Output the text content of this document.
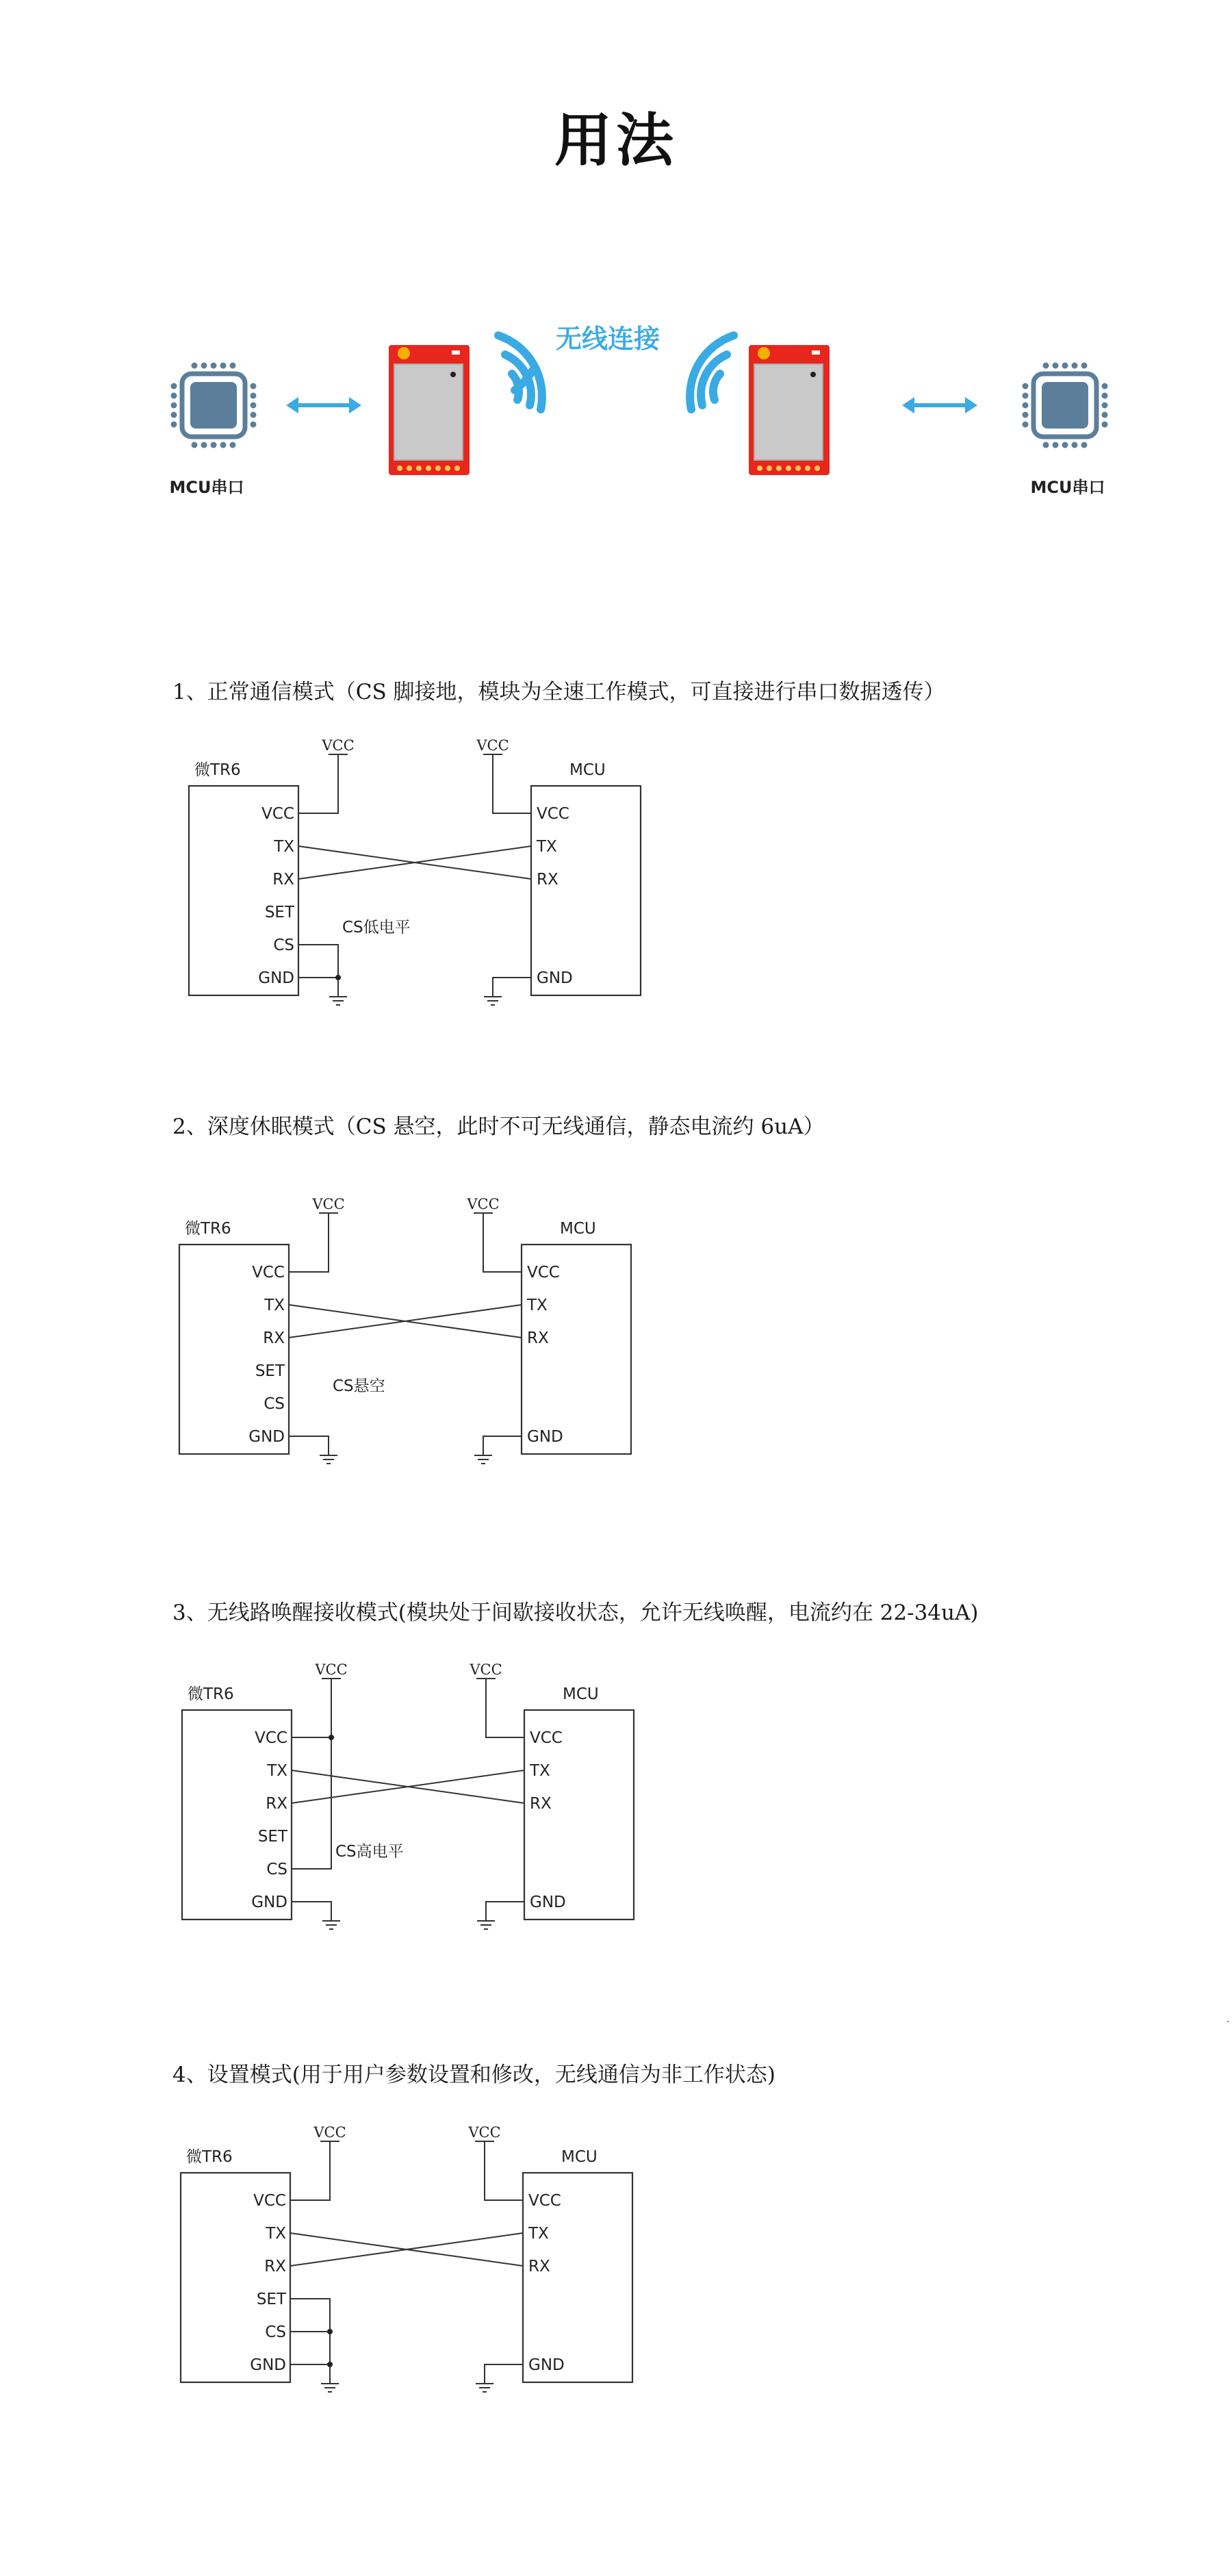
用法
无线连接
MCU串口	MCU串口
1、正常通信模式（CS 脚接地，模块为全速工作模式，可直接进行串口数据透传）
微TR6	MCU
VCC
TX
RX
SET
CS
GND
VCC
TX
RX
GND
VCC	VCC
CS低电平
2、深度休眠模式（CS 悬空，此时不可无线通信，静态电流约 6uA）
微TR6	MCU
VCC
TX
RX
SET
CS
GND
VCC
TX
RX
GND
VCC	VCC
CS悬空
3、无线路唤醒接收模式(模块处于间歇接收状态，允许无线唤醒，电流约在 22-34uA)
微TR6	MCU
VCC
TX
RX
SET
CS
GND
VCC
TX
RX
GND
VCC	VCC
CS高电平
4、设置模式(用于用户参数设置和修改，无线通信为非工作状态)
微TR6	MCU
VCC
TX
RX
SET
CS
GND
VCC
TX
RX
GND
VCC	VCC
.
